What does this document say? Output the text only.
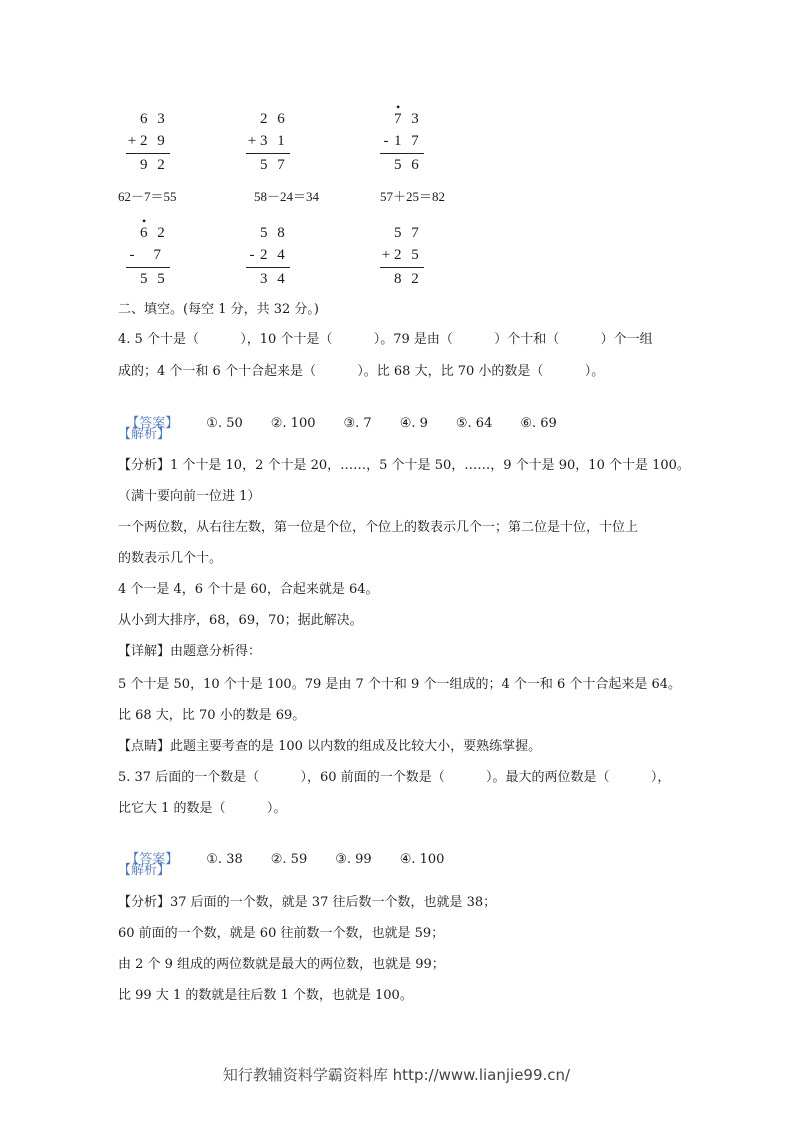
6 3
+ 2 9
9 2
2 6
+ 3 1
5 7
•
7 3
- 1 7
5 6
62－7＝55	58－24＝34	57＋25＝82
•
6 2
- 7
5 5
5 8
- 2 4
3 4
5 7
+ 2 5
8 2
二、填空。(每空 1 分，共 32 分。)
4. 5 个十是（          ），10 个十是（          ）。79 是由（          ）个十和（          ）个一组
成的；4 个一和 6 个十合起来是（          ）。比 68 大，比 70 小的数是（          ）。

【答案】 ①. 50 ②. 100 ③. 7 ④. 9 ⑤. 64 ⑥. 69

【解析】
【分析】1 个十是 10，2 个十是 20，……，5 个十是 50，……，9 个十是 90，10 个十是 100。
（满十要向前一位进 1）
一个两位数，从右往左数，第一位是个位，个位上的数表示几个一；第二位是十位，十位上
的数表示几个十。
4 个一是 4，6 个十是 60，合起来就是 64。
从小到大排序，68，69，70；据此解决。
【详解】由题意分析得：
5 个十是 50，10 个十是 100。79 是由 7 个十和 9 个一组成的；4 个一和 6 个十合起来是 64。
比 68 大，比 70 小的数是 69。
【点睛】此题主要考查的是 100 以内数的组成及比较大小，要熟练掌握。
5. 37 后面的一个数是（          ），60 前面的一个数是（          ）。最大的两位数是（          ），
比它大 1 的数是（          ）。

【答案】 ①. 38 ②. 59 ③. 99 ④. 100

【解析】
【分析】37 后面的一个数，就是 37 往后数一个数，也就是 38；
60 前面的一个数，就是 60 往前数一个数，也就是 59；
由 2 个 9 组成的两位数就是最大的两位数，也就是 99；
比 99 大 1 的数就是往后数 1 个数，也就是 100。
知行教辅资料学霸资料库 http://www.lianjie99.cn/
